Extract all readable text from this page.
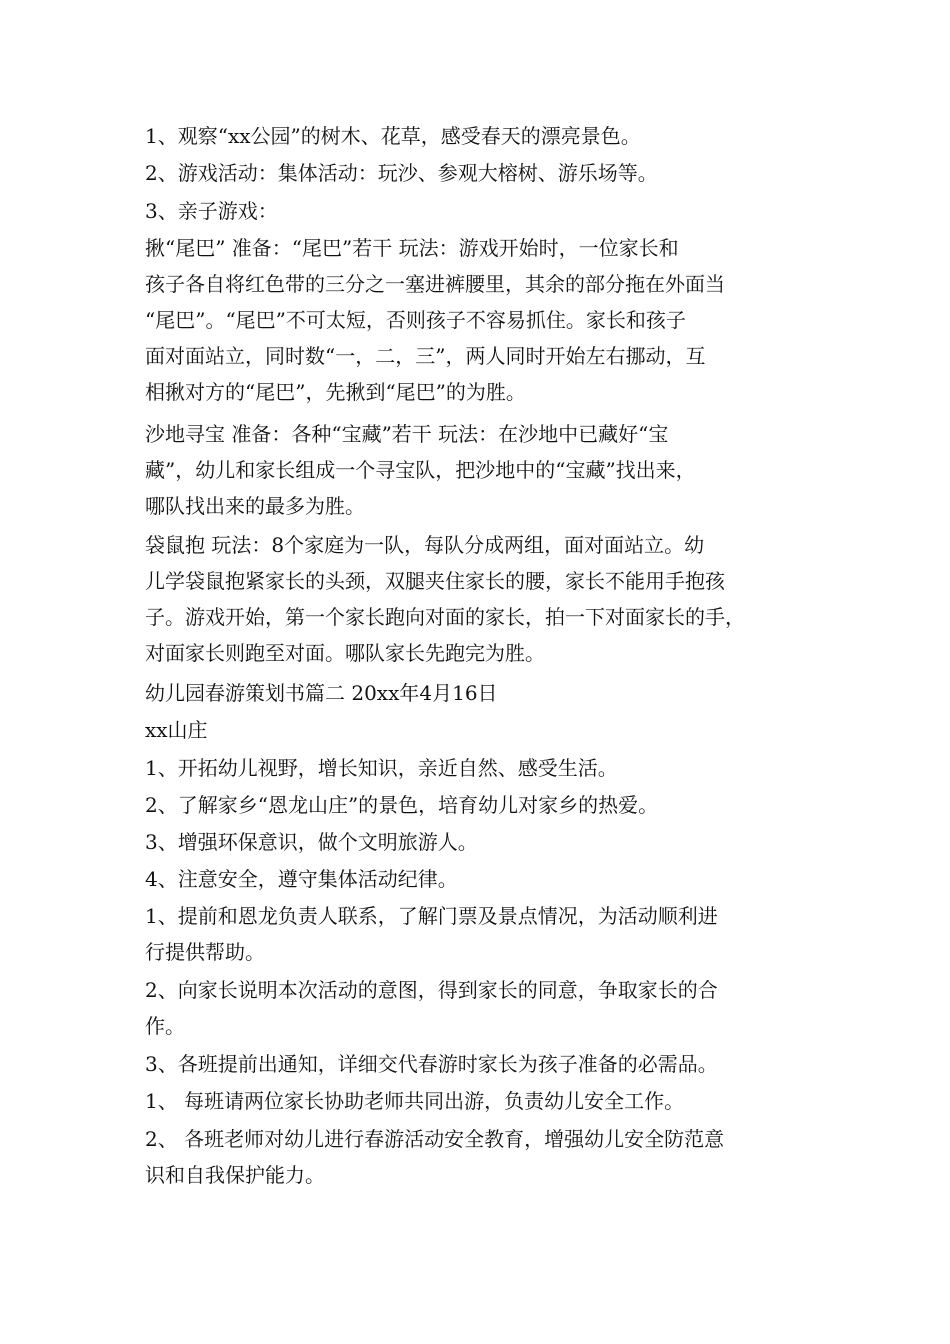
1、观察“xx公园”的树木、花草，感受春天的漂亮景色。
2、游戏活动：集体活动：玩沙、参观大榕树、游乐场等。
3、亲子游戏：
揪“尾巴” 准备：“尾巴”若干 玩法：游戏开始时，一位家长和
孩子各自将红色带的三分之一塞进裤腰里，其余的部分拖在外面当
“尾巴”。“尾巴”不可太短，否则孩子不容易抓住。家长和孩子
面对面站立，同时数“一，二，三”，两人同时开始左右挪动，互
相揪对方的“尾巴”，先揪到“尾巴”的为胜。
沙地寻宝 准备：各种“宝藏”若干 玩法：在沙地中已藏好“宝
藏”，幼儿和家长组成一个寻宝队，把沙地中的“宝藏”找出来，
哪队找出来的最多为胜。
袋鼠抱 玩法：8个家庭为一队，每队分成两组，面对面站立。幼
儿学袋鼠抱紧家长的头颈，双腿夹住家长的腰，家长不能用手抱孩
子。游戏开始，第一个家长跑向对面的家长，拍一下对面家长的手，
对面家长则跑至对面。哪队家长先跑完为胜。
幼儿园春游策划书篇二 20xx年4月16日
xx山庄
1、开拓幼儿视野，增长知识，亲近自然、感受生活。
2、了解家乡“恩龙山庄”的景色，培育幼儿对家乡的热爱。
3、增强环保意识，做个文明旅游人。
4、注意安全，遵守集体活动纪律。
1、提前和恩龙负责人联系，了解门票及景点情况，为活动顺利进
行提供帮助。
2、向家长说明本次活动的意图，得到家长的同意，争取家长的合
作。
3、各班提前出通知，详细交代春游时家长为孩子准备的必需品。
1、 每班请两位家长协助老师共同出游，负责幼儿安全工作。
2、 各班老师对幼儿进行春游活动安全教育，增强幼儿安全防范意
识和自我保护能力。
